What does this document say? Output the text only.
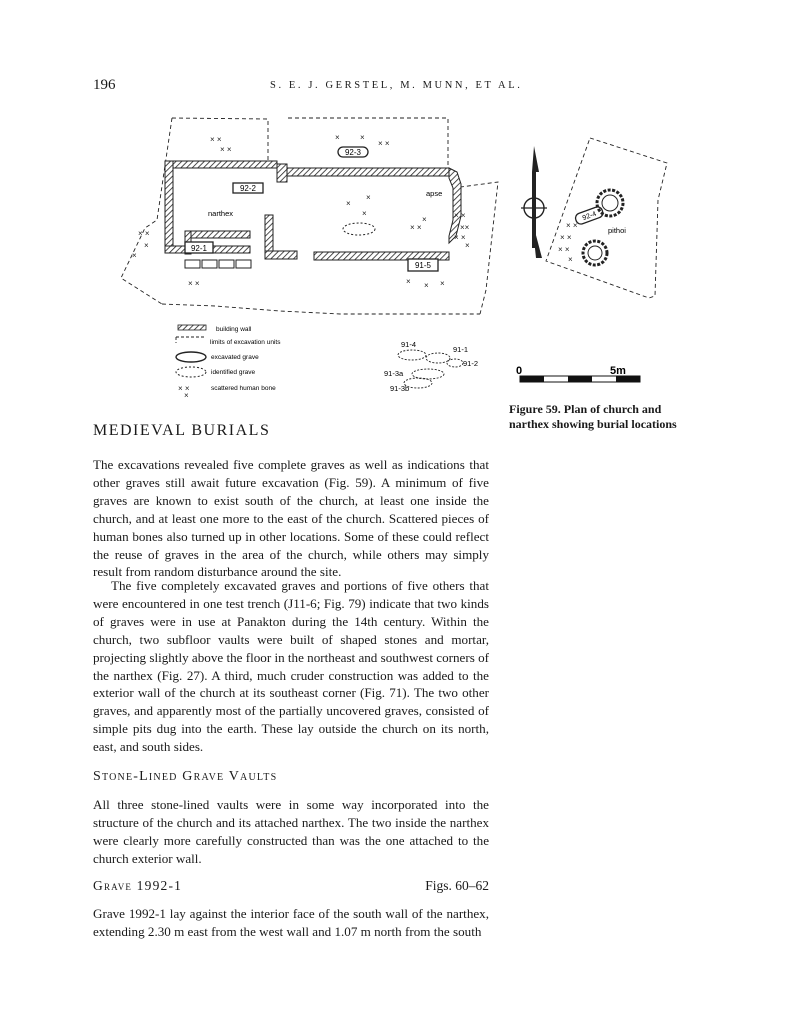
196	S. E. J. GERSTEL, M. MUNN, ET AL.
92-3
92-2
92-1
91-5
92-4
narthex
apse
pithoi
× ×
× ×
×	×
× ×
×
×
×
× ×
×	× ×
××
× ×
×
× ×
×
×
× ×	× × ×
× ×
× ×
× ×
×
building wall
limits of excavation units
excavated grave
identified grave
× ×
×
scattered human bone
91-4
91-1
91-2
91-3a
91-3b
0	5m
Figure 59. Plan of church and narthex showing burial locations
MEDIEVAL BURIALS

The excavations revealed five complete graves as well as indications that other graves still await future excavation (Fig. 59). A minimum of five graves are known to exist south of the church, at least one inside the church, and at least one more to the east of the church. Scattered pieces of human bones also turned up in other locations. Some of these could reflect the reuse of graves in the area of the church, while others may simply result from random disturbance around the site.

The five completely excavated graves and portions of five others that were encountered in one test trench (J11-6; Fig. 79) indicate that two kinds of graves were in use at Panakton during the 14th century. Within the church, two subfloor vaults were built of shaped stones and mortar, projecting slightly above the floor in the northeast and southwest corners of the narthex (Fig. 27). A third, much cruder construction was added to the exterior wall of the church at its southeast corner (Fig. 71). The two other graves, and apparently most of the partially uncovered graves, consisted of simple pits dug into the earth. These lay outside the church on its north, east, and south sides.

Stone-Lined Grave Vaults

All three stone-lined vaults were in some way incorporated into the structure of the church and its attached narthex. The two inside the narthex were clearly more carefully constructed than was the one attached to the church exterior wall.

Grave 1992-1	Figs. 60–62

Grave 1992-1 lay against the interior face of the south wall of the narthex, extending 2.30 m east from the west wall and 1.07 m north from the south
